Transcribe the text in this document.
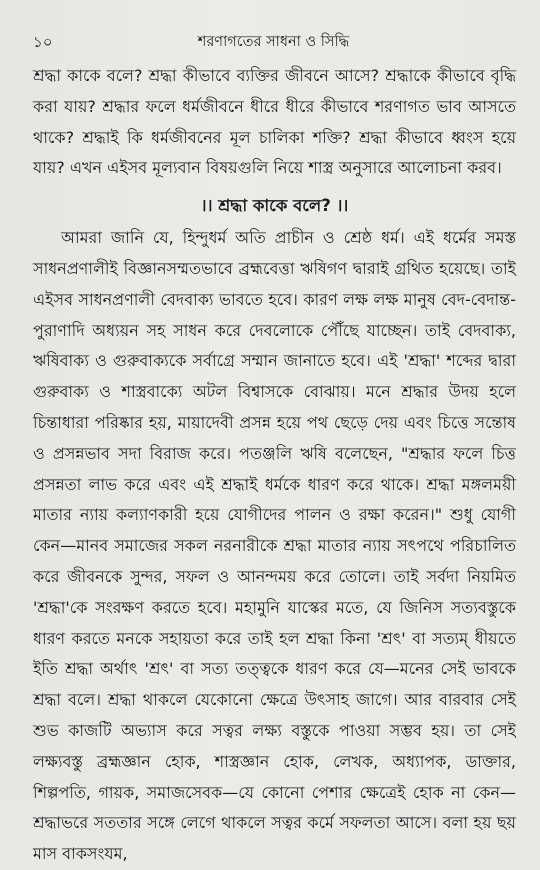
১০	শরণাগতের সাধনা ও সিদ্ধি

শ্রদ্ধা কাকে বলে? শ্রদ্ধা কীভাবে ব্যক্তির জীবনে আসে? শ্রদ্ধাকে কীভাবে বৃদ্ধি করা যায়? শ্রদ্ধার ফলে ধর্মজীবনে ধীরে ধীরে কীভাবে শরণাগত ভাব আসতে থাকে? শ্রদ্ধাই কি ধর্মজীবনের মূল চালিকা শক্তি? শ্রদ্ধা কীভাবে ধ্বংস হয়ে যায়? এখন এইসব মূল্যবান বিষয়গুলি নিয়ে শাস্ত্র অনুসারে আলোচনা করব।

।। শ্রদ্ধা কাকে বলে? ।।

আমরা জানি যে, হিন্দুধর্ম অতি প্রাচীন ও শ্রেষ্ঠ ধর্ম। এই ধর্মের সমস্ত সাধনপ্রণালীই বিজ্ঞানসম্মতভাবে ব্রহ্মবেত্তা ঋষিগণ দ্বারাই গ্রথিত হয়েছে। তাই এইসব সাধনপ্রণালী বেদবাক্য ভাবতে হবে। কারণ লক্ষ লক্ষ মানুষ বেদ-বেদান্ত- পুরাণাদি অধ্যয়ন সহ সাধন করে দেবলোকে পৌঁছে যাচ্ছেন। তাই বেদবাক্য, ঋষিবাক্য ও গুরুবাক্যকে সর্বাগ্রে সম্মান জানাতে হবে। এই 'শ্রদ্ধা' শব্দের দ্বারা গুরুবাক্য ও শাস্ত্রবাক্যে অটল বিশ্বাসকে বোঝায়। মনে শ্রদ্ধার উদয় হলে চিন্তাধারা পরিষ্কার হয়, মায়াদেবী প্রসন্ন হয়ে পথ ছেড়ে দেয় এবং চিত্তে সন্তোষ ও প্রসন্নভাব সদা বিরাজ করে। পতঞ্জলি ঋষি বলেছেন, "শ্রদ্ধার ফলে চিত্ত প্রসন্নতা লাভ করে এবং এই শ্রদ্ধাই ধর্মকে ধারণ করে থাকে। শ্রদ্ধা মঙ্গলময়ী মাতার ন্যায় কল্যাণকারী হয়ে যোগীদের পালন ও রক্ষা করেন।" শুধু যোগী কেন—মানব সমাজের সকল নরনারীকে শ্রদ্ধা মাতার ন্যায় সৎপথে পরিচালিত করে জীবনকে সুন্দর, সফল ও আনন্দময় করে তোলে। তাই সর্বদা নিয়মিত 'শ্রদ্ধা'কে সংরক্ষণ করতে হবে। মহামুনি যাস্কের মতে, যে জিনিস সত্যবস্তুকে ধারণ করতে মনকে সহায়তা করে তাই হল শ্রদ্ধা কিনা 'শ্রৎ' বা সত্যম্ ধীয়তে ইতি শ্রদ্ধা অর্থাৎ 'শ্রৎ' বা সত্য তত্ত্বকে ধারণ করে যে—মনের সেই ভাবকে শ্রদ্ধা বলে। শ্রদ্ধা থাকলে যেকোনো ক্ষেত্রে উৎসাহ জাগে। আর বারবার সেই শুভ কাজটি অভ্যাস করে সত্বর লক্ষ্য বস্তুকে পাওয়া সম্ভব হয়। তা সেই লক্ষ্যবস্তু ব্রহ্মজ্ঞান হোক, শাস্ত্রজ্ঞান হোক, লেখক, অধ্যাপক, ডাক্তার, শিল্পপতি, গায়ক, সমাজসেবক—যে কোনো পেশার ক্ষেত্রেই হোক না কেন—শ্রদ্ধাভরে সততার সঙ্গে লেগে থাকলে সত্বর কর্মে সফলতা আসে। বলা হয় ছয় মাস বাকসংযম,
